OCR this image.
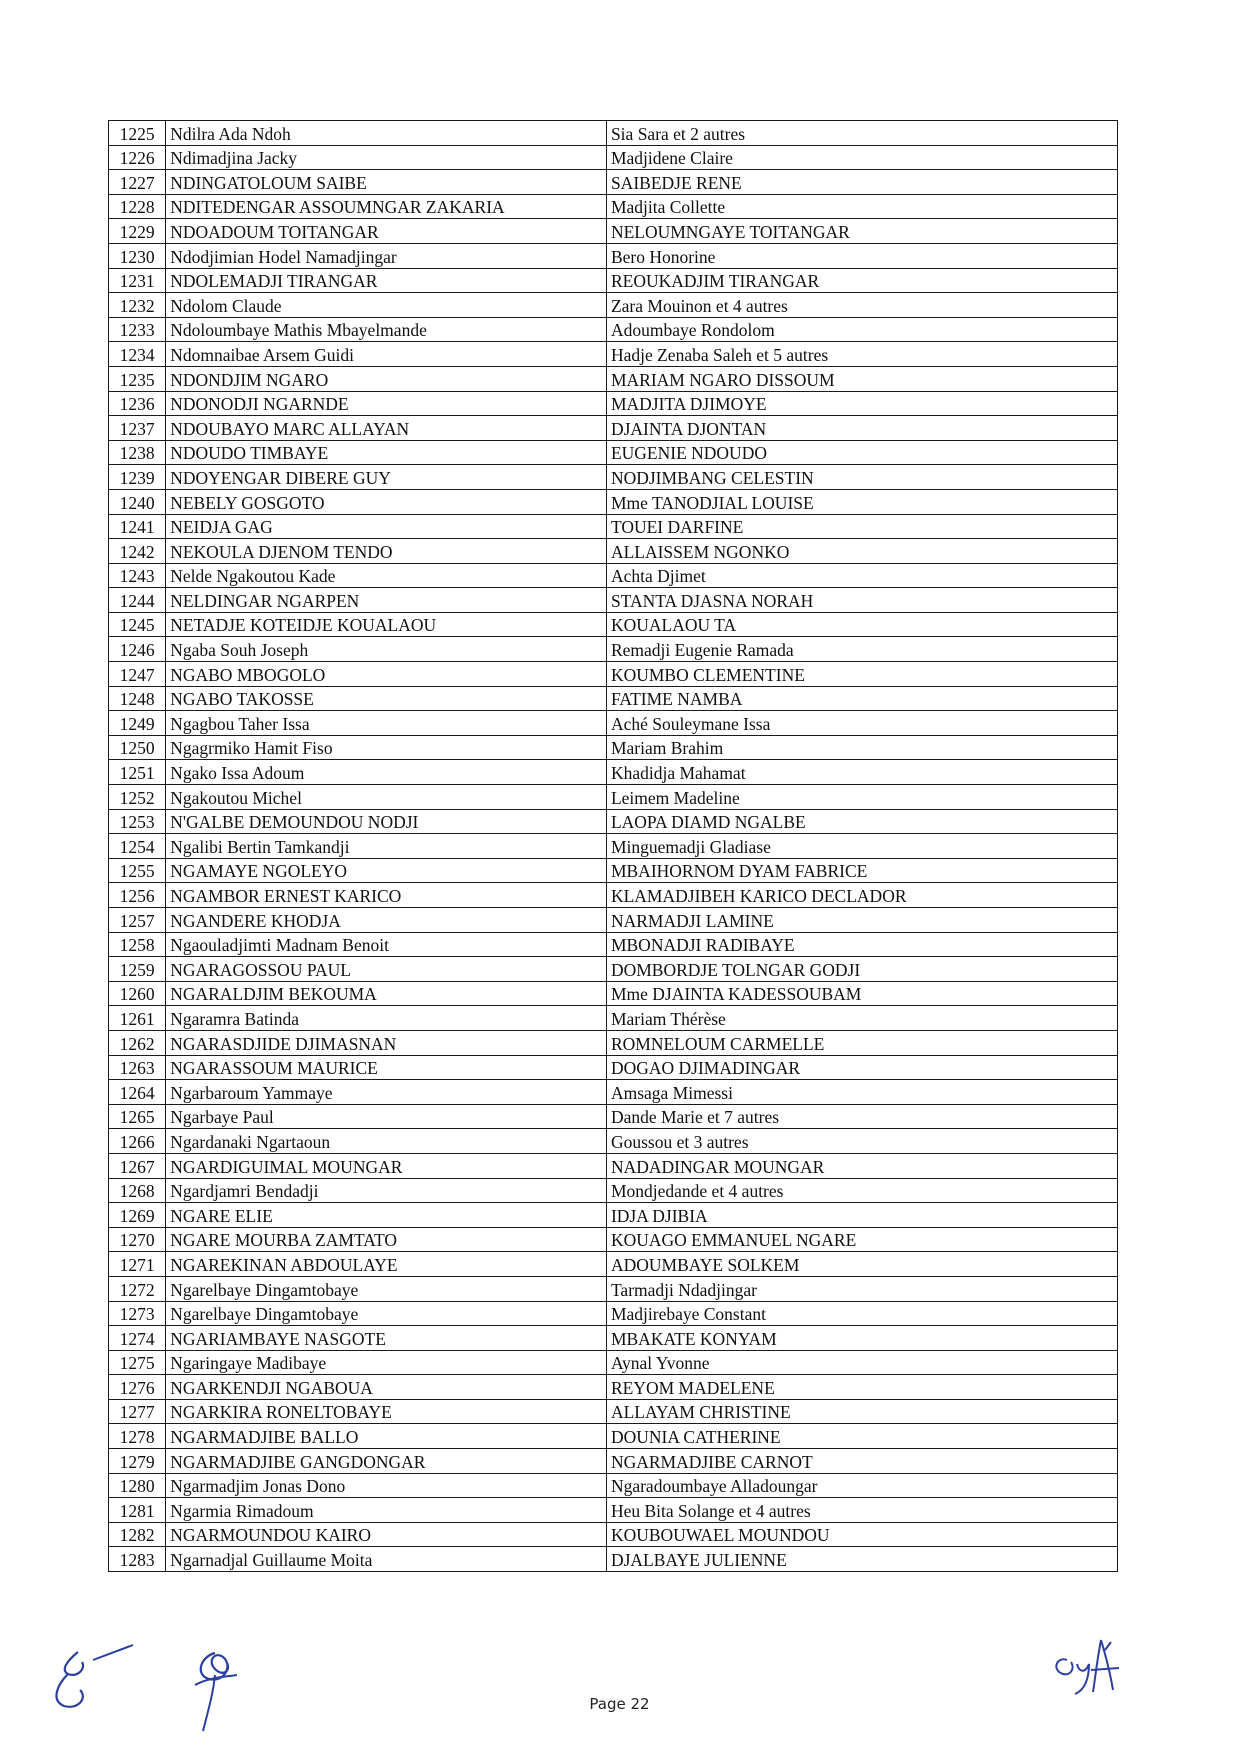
1225	Ndilra Ada Ndoh	Sia Sara et 2 autres
1226	Ndimadjina Jacky	Madjidene Claire
1227	NDINGATOLOUM SAIBE	SAIBEDJE RENE
1228	NDITEDENGAR ASSOUMNGAR ZAKARIA	Madjita Collette
1229	NDOADOUM TOITANGAR	NELOUMNGAYE TOITANGAR
1230	Ndodjimian Hodel Namadjingar	Bero Honorine
1231	NDOLEMADJI TIRANGAR	REOUKADJIM TIRANGAR
1232	Ndolom Claude	Zara Mouinon et 4 autres
1233	Ndoloumbaye Mathis Mbayelmande	Adoumbaye Rondolom
1234	Ndomnaibae Arsem Guidi	Hadje Zenaba Saleh et 5 autres
1235	NDONDJIM NGARO	MARIAM NGARO DISSOUM
1236	NDONODJI NGARNDE	MADJITA DJIMOYE
1237	NDOUBAYO MARC ALLAYAN	DJAINTA DJONTAN
1238	NDOUDO TIMBAYE	EUGENIE NDOUDO
1239	NDOYENGAR DIBERE GUY	NODJIMBANG CELESTIN
1240	NEBELY GOSGOTO	Mme TANODJIAL LOUISE
1241	NEIDJA GAG	TOUEI DARFINE
1242	NEKOULA DJENOM TENDO	ALLAISSEM NGONKO
1243	Nelde Ngakoutou Kade	Achta Djimet
1244	NELDINGAR NGARPEN	STANTA DJASNA NORAH
1245	NETADJE KOTEIDJE KOUALAOU	KOUALAOU TA
1246	Ngaba Souh Joseph	Remadji Eugenie Ramada
1247	NGABO MBOGOLO	KOUMBO CLEMENTINE
1248	NGABO TAKOSSE	FATIME NAMBA
1249	Ngagbou Taher Issa	Aché Souleymane Issa
1250	Ngagrmiko Hamit Fiso	Mariam Brahim
1251	Ngako Issa Adoum	Khadidja Mahamat
1252	Ngakoutou Michel	Leimem Madeline
1253	N'GALBE DEMOUNDOU NODJI	LAOPA DIAMD NGALBE
1254	Ngalibi Bertin Tamkandji	Minguemadji Gladiase
1255	NGAMAYE NGOLEYO	MBAIHORNOM DYAM FABRICE
1256	NGAMBOR ERNEST KARICO	KLAMADJIBEH KARICO DECLADOR
1257	NGANDERE KHODJA	NARMADJI LAMINE
1258	Ngaouladjimti Madnam Benoit	MBONADJI RADIBAYE
1259	NGARAGOSSOU PAUL	DOMBORDJE TOLNGAR GODJI
1260	NGARALDJIM BEKOUMA	Mme DJAINTA KADESSOUBAM
1261	Ngaramra Batinda	Mariam Thérèse
1262	NGARASDJIDE DJIMASNAN	ROMNELOUM CARMELLE
1263	NGARASSOUM MAURICE	DOGAO DJIMADINGAR
1264	Ngarbaroum Yammaye	Amsaga Mimessi
1265	Ngarbaye Paul	Dande Marie et 7 autres
1266	Ngardanaki Ngartaoun	Goussou et 3 autres
1267	NGARDIGUIMAL MOUNGAR	NADADINGAR MOUNGAR
1268	Ngardjamri Bendadji	Mondjedande et 4 autres
1269	NGARE ELIE	IDJA DJIBIA
1270	NGARE MOURBA ZAMTATO	KOUAGO EMMANUEL NGARE
1271	NGAREKINAN ABDOULAYE	ADOUMBAYE SOLKEM
1272	Ngarelbaye Dingamtobaye	Tarmadji Ndadjingar
1273	Ngarelbaye Dingamtobaye	Madjirebaye Constant
1274	NGARIAMBAYE NASGOTE	MBAKATE KONYAM
1275	Ngaringaye Madibaye	Aynal Yvonne
1276	NGARKENDJI NGABOUA	REYOM MADELENE
1277	NGARKIRA RONELTOBAYE	ALLAYAM CHRISTINE
1278	NGARMADJIBE BALLO	DOUNIA CATHERINE
1279	NGARMADJIBE GANGDONGAR	NGARMADJIBE CARNOT
1280	Ngarmadjim Jonas Dono	Ngaradoumbaye Alladoungar
1281	Ngarmia Rimadoum	Heu Bita Solange et 4 autres
1282	NGARMOUNDOU KAIRO	KOUBOUWAEL MOUNDOU
1283	Ngarnadjal Guillaume Moita	DJALBAYE JULIENNE
Page 22
